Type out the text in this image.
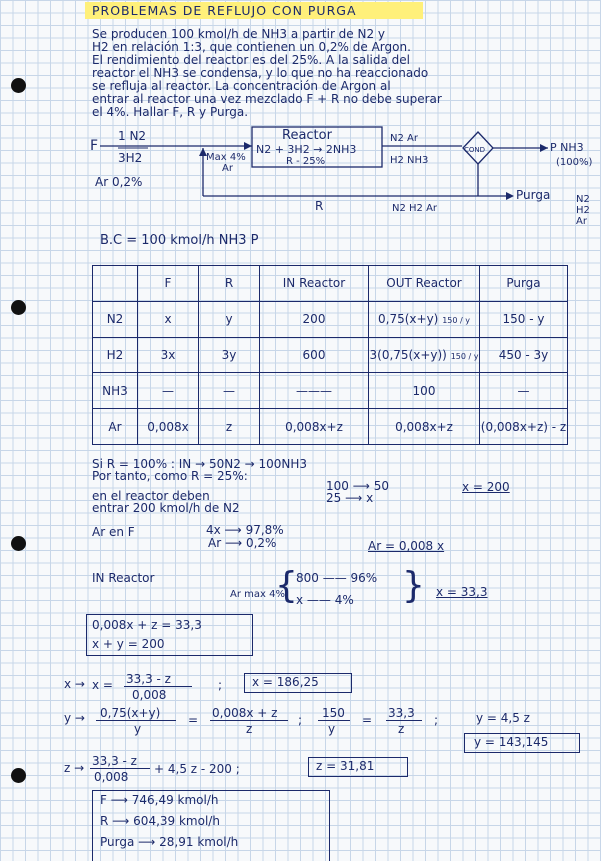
PROBLEMAS DE REFLUJO CON PURGA
Se producen 100 kmol/h de NH3 a partir de N2 y
H2 en relación 1:3, que contienen un 0,2% de Argon.
El rendimiento del reactor es del 25%. A la salida del
reactor el NH3 se condensa, y lo que no ha reaccionado
se refluja al reactor. La concentración de Argon al
entrar al reactor una vez mezclado F + R no debe superar
el 4%. Hallar F, R y Purga.
F
1 N2
3H2
Ar 0,2%
Max 4%
Ar
Reactor
N2 + 3H2 → 2NH3
R - 25%
N2 Ar
H2 NH3
COND	P NH3
(100%)
R	N2 H2 Ar
Purga	N2
H2
Ar
B.C = 100 kmol/h NH3 P
	F	R	IN Reactor	OUT Reactor	Purga
N2	x	y	200	0,75(x+y) 150 / y	150 - y
H2	3x	3y	600	3(0,75(x+y)) 150 / y	450 - 3y
NH3	—	—	———	100	—
Ar	0,008x	z	0,008x+z	0,008x+z	(0,008x+z) - z
Si R = 100% : IN → 50N2 → 100NH3
Por tanto, como R = 25%:
100 ⟶ 50
25 ⟶ x
x = 200
en el reactor deben
entrar 200 kmol/h de N2
Ar en F	4x ⟶ 97,8%
Ar ⟶ 0,2%	Ar = 0,008 x
IN Reactor
Ar max 4%
{
800 —— 96%
x —— 4% } x = 33,3
0,008x + z = 33,3
x + y = 200
x → x = 33,3 - z
0,008
; x = 186,25
y → 0,75(x+y)
y
= 0,008x + z
z
; 150
y
= 33,3
z
;	y = 4,5 z
y = 143,145
z → 33,3 - z
0,008
+ 4,5 z - 200 ;	z = 31,81
F ⟶ 746,49 kmol/h
R ⟶ 604,39 kmol/h
Purga ⟶ 28,91 kmol/h
